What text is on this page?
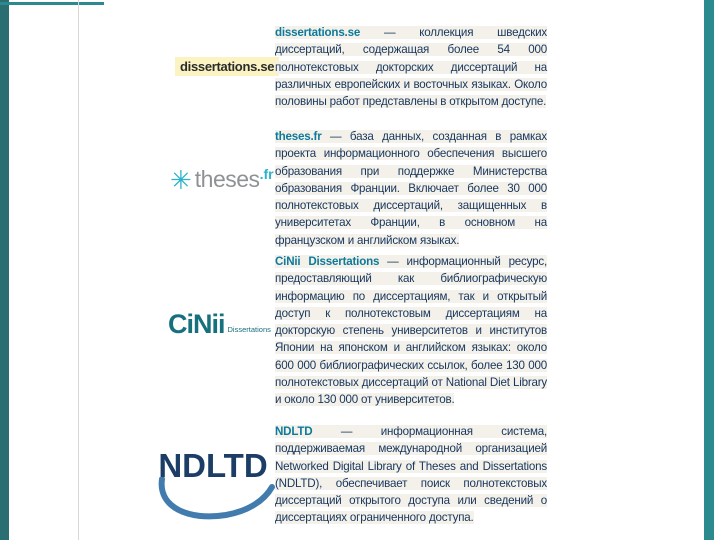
dissertations.se
dissertations.se — коллекция шведских диссертаций, содержащая более 54 000 полнотекстовых докторских диссертаций на различных европейских и восточных языках. Около половины работ представлены в открытом доступе.
✳ theses .fr
theses.fr — база данных, созданная в рамках проекта информационного обеспечения высшего образования при поддержке Министерства образования Франции. Включает более 30 000 полнотекстовых диссертаций, защищенных в университетах Франции, в основном на французском и английском языках.
CiNii Dissertations
CiNii Dissertations — информационный ресурс, предоставляющий как библиографическую информацию по диссертациям, так и открытый доступ к полнотекстовым диссертациям на докторскую степень университетов и институтов Японии на японском и английском языках: около 600 000 библиографических ссылок, более 130 000 полнотекстовых диссертаций от National Diet Library и около 130 000 от университетов.
NDLTD
NDLTD — информационная система, поддерживаемая международной организацией Networked Digital Library of Theses and Dissertations (NDLTD), обеспечивает поиск полнотекстовых диссертаций открытого доступа или сведений о диссертациях ограниченного доступа.
